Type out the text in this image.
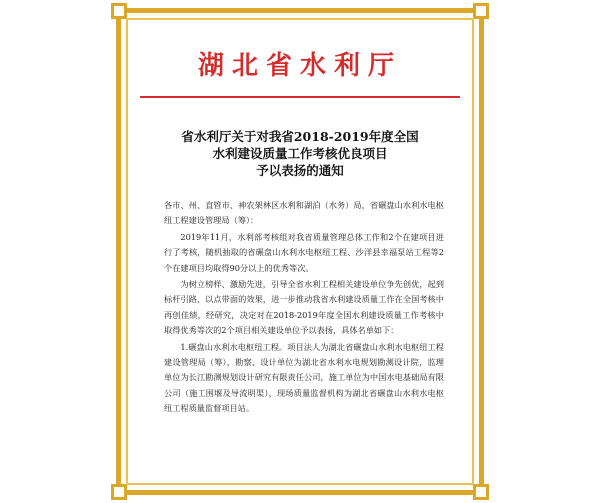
湖北省水利厅
省水利厅关于对我省2018-2019年度全国
水利建设质量工作考核优良项目
予以表扬的通知

各市、州、直管市、神农架林区水利和湖泊（水务）局，省碾盘山水利水电枢纽工程建设管理局（筹）：

2019年11月，水利部考核组对我省质量管理总体工作和2个在建项目进行了考核，随机抽取的省碾盘山水利水电枢纽工程、沙洋县幸福泵站工程等2个在建项目均取得90分以上的优秀等次。

为树立榜样、激励先进，引导全省水利工程相关建设单位争先创优，起到标杆引路、以点带面的效果，进一步推动我省水利建设质量工作在全国考核中再创佳绩，经研究，决定对在2018-2019年度全国水利建设质量工作考核中取得优秀等次的2个项目相关建设单位予以表扬，具体名单如下：

1.碾盘山水利水电枢纽工程。项目法人为湖北省碾盘山水利水电枢纽工程建设管理局（筹），勘察、设计单位为湖北省水利水电规划勘测设计院，监理单位为长江勘测规划设计研究有限责任公司，施工单位为中国水电基础局有限公司（施工围堰及导流明渠），现场质量监督机构为湖北省碾盘山水利水电枢纽工程质量监督项目站。
